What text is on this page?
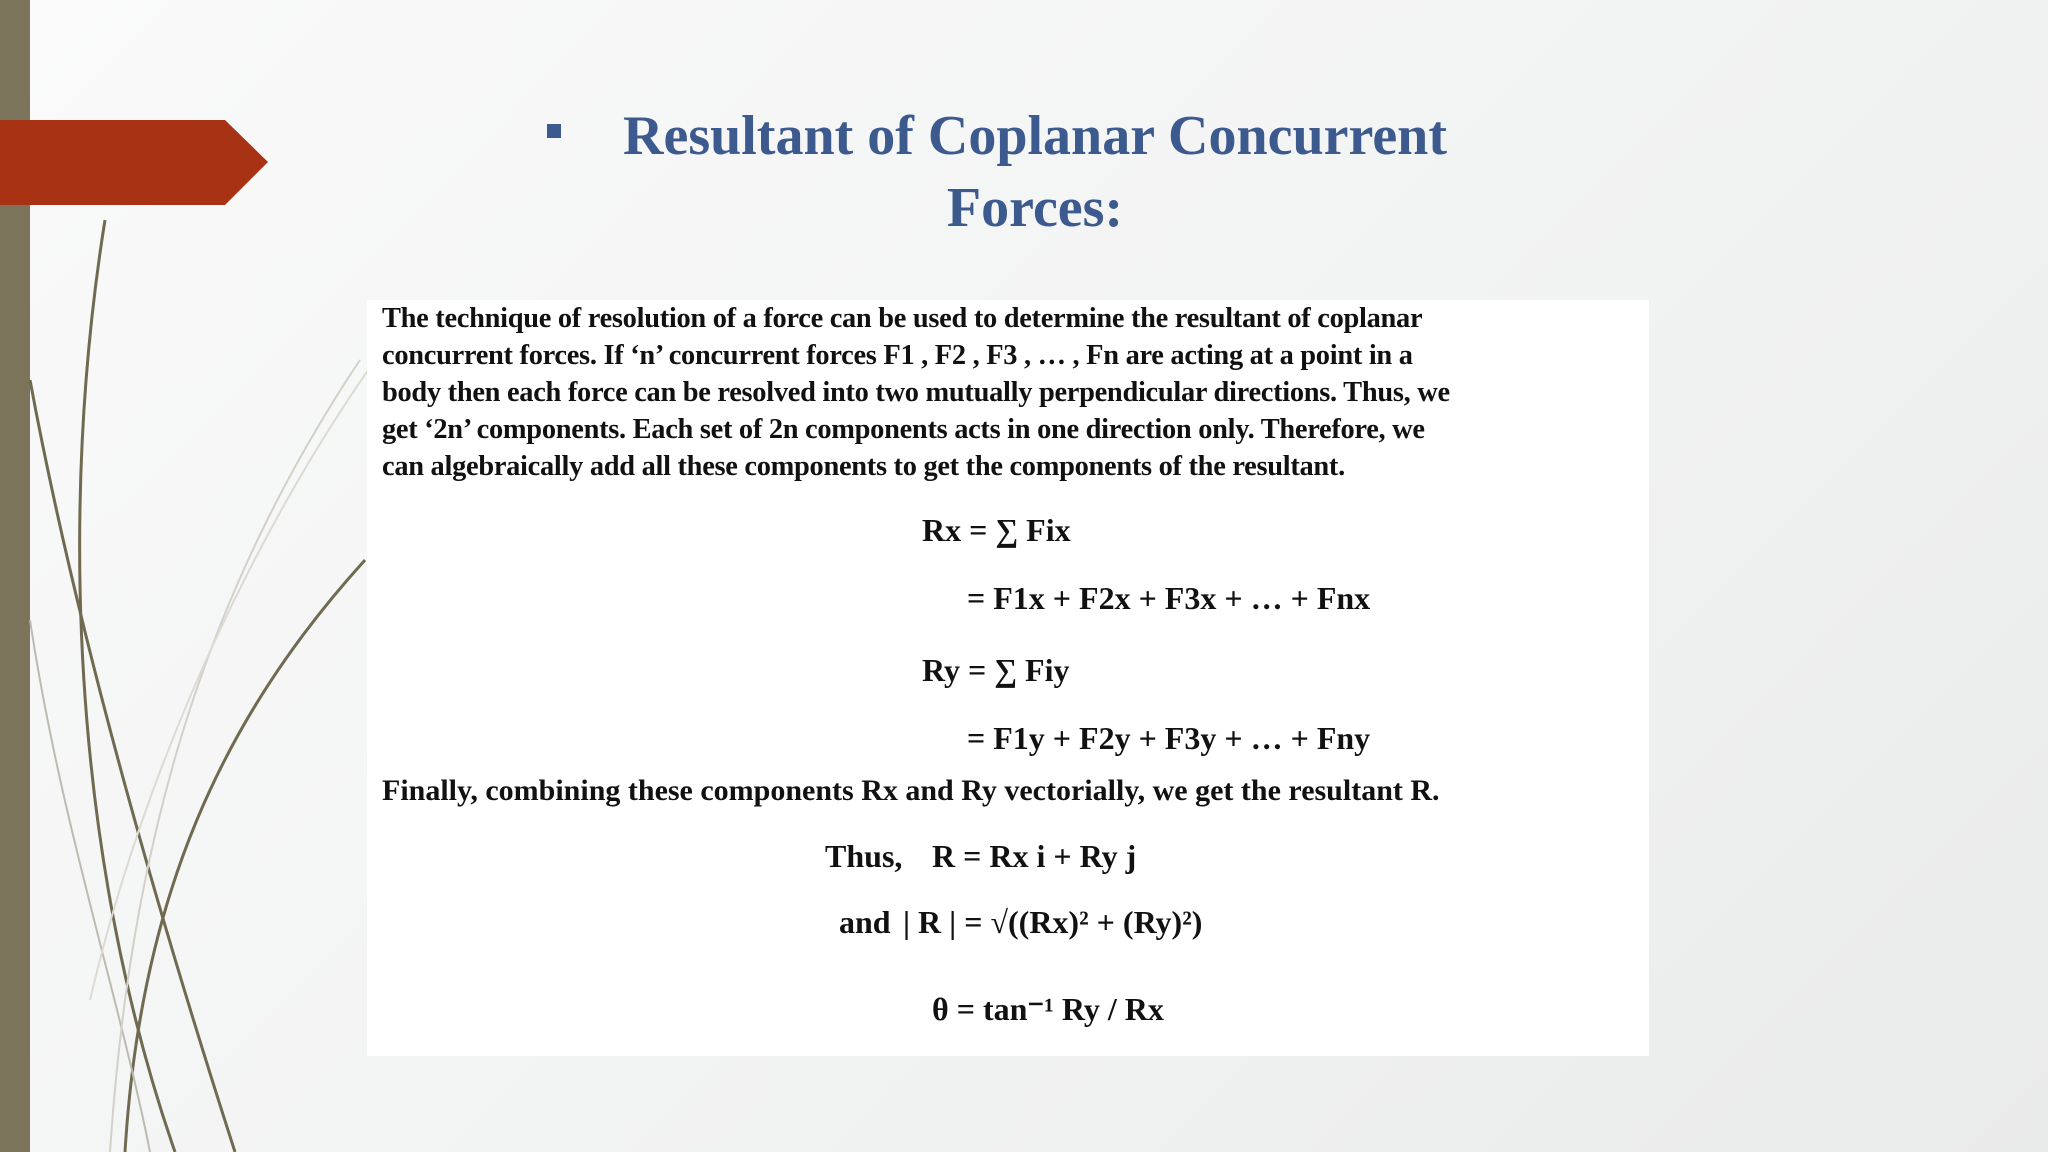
Resultant of Coplanar Concurrent
Forces:
The technique of resolution of a force can be used to determine the resultant of coplanar
concurrent forces. If ‘n’ concurrent forces F1 , F2 , F3 , … , Fn are acting at a point in a
body then each force can be resolved into two mutually perpendicular directions. Thus, we
get ‘2n’ components. Each set of 2n components acts in one direction only. Therefore, we
can algebraically add all these components to get the components of the resultant.
Rx = ∑ Fix
= F1x + F2x + F3x + … + Fnx
Ry = ∑ Fiy
= F1y + F2y + F3y + … + Fny
Finally, combining these components Rx and Ry vectorially, we get the resultant R.
Thus, R = Rx i + Ry j
and | R | = √((Rx)² + (Ry)²)
θ = tan⁻¹ Ry / Rx
